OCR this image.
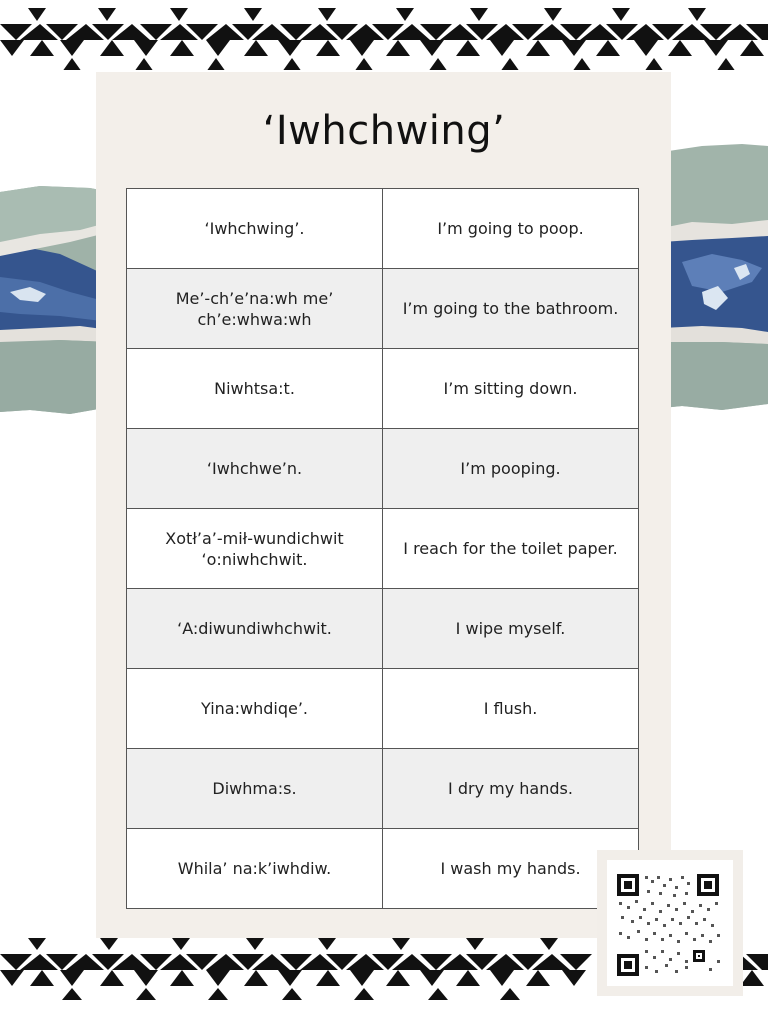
‘Iwhchwing’
‘Iwhchwing’.	I’m going to poop.
Me’-ch’e’na:wh me’ ch’e:whwa:wh	I’m going to the bathroom.
Niwhtsa:t.	I’m sitting down.
‘Iwhchwe’n.	I’m pooping.
Xotł’a’-mił-wundichwit ‘o:niwhchwit.	I reach for the toilet paper.
‘A:diwundiwhchwit.	I wipe myself.
Yina:whdiqe’.	I flush.
Diwhma:s.	I dry my hands.
Whila’ na:k’iwhdiw.	I wash my hands.
